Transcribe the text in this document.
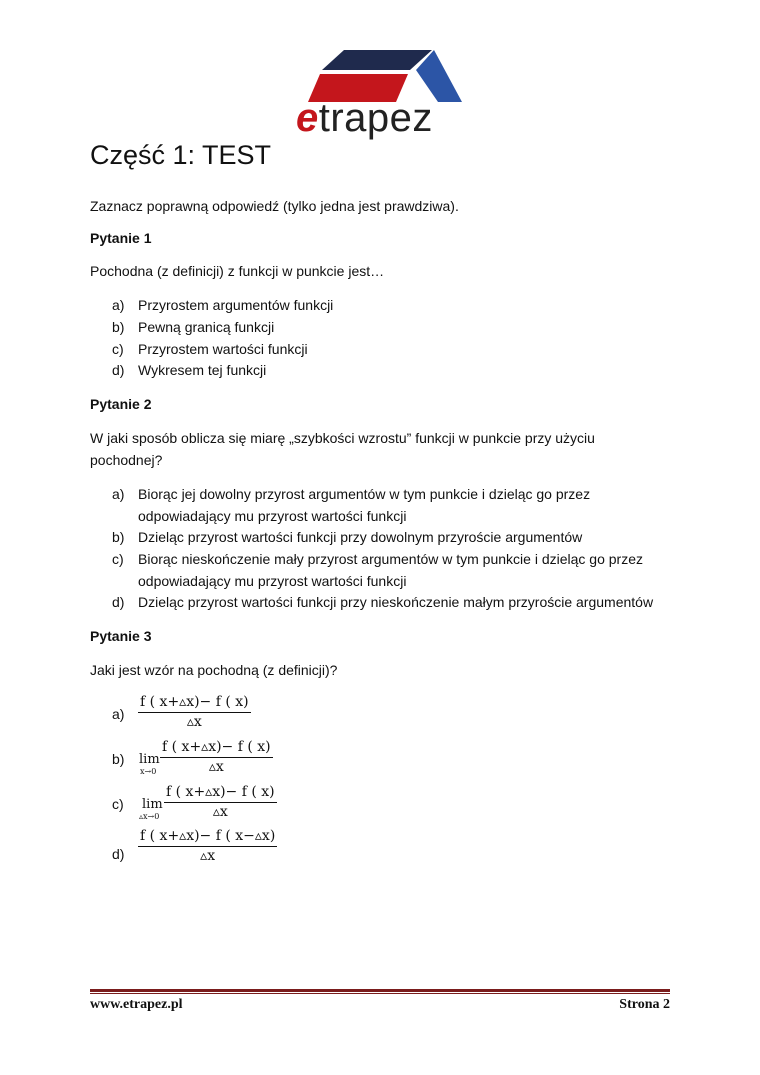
etrapez
Część 1: TEST
Zaznacz poprawną odpowiedź (tylko jedna jest prawdziwa).
Pytanie 1
Pochodna (z definicji) z funkcji w punkcie jest…
a) Przyrostem argumentów funkcji
b) Pewną granicą funkcji
c)	Przyrostem wartości funkcji
d) Wykresem tej funkcji
Pytanie 2
W jaki sposób oblicza się miarę „szybkości wzrostu” funkcji w punkcie przy użyciu pochodnej?
a) Biorąc jej dowolny przyrost argumentów w tym punkcie i dzieląc go przez odpowiadający mu przyrost wartości funkcji
b) Dzieląc przyrost wartości funkcji przy dowolnym przyroście argumentów
c)	Biorąc nieskończenie mały przyrost argumentów w tym punkcie i dzieląc go przez odpowiadający mu przyrost wartości funkcji
d) Dzieląc przyrost wartości funkcji przy nieskończenie małym przyroście argumentów
Pytanie 3
Jaki jest wzór na pochodną (z definicji)?
a)
f ( x+▵x)− f ( x)
▵x
b) lim
x→0
f ( x+▵x)− f ( x)
▵x
c) lim
▵x→0
f ( x+▵x)− f ( x)
▵x
d)
f ( x+▵x)− f ( x−▵x)
▵x
www.etrapez.pl	Strona 2
